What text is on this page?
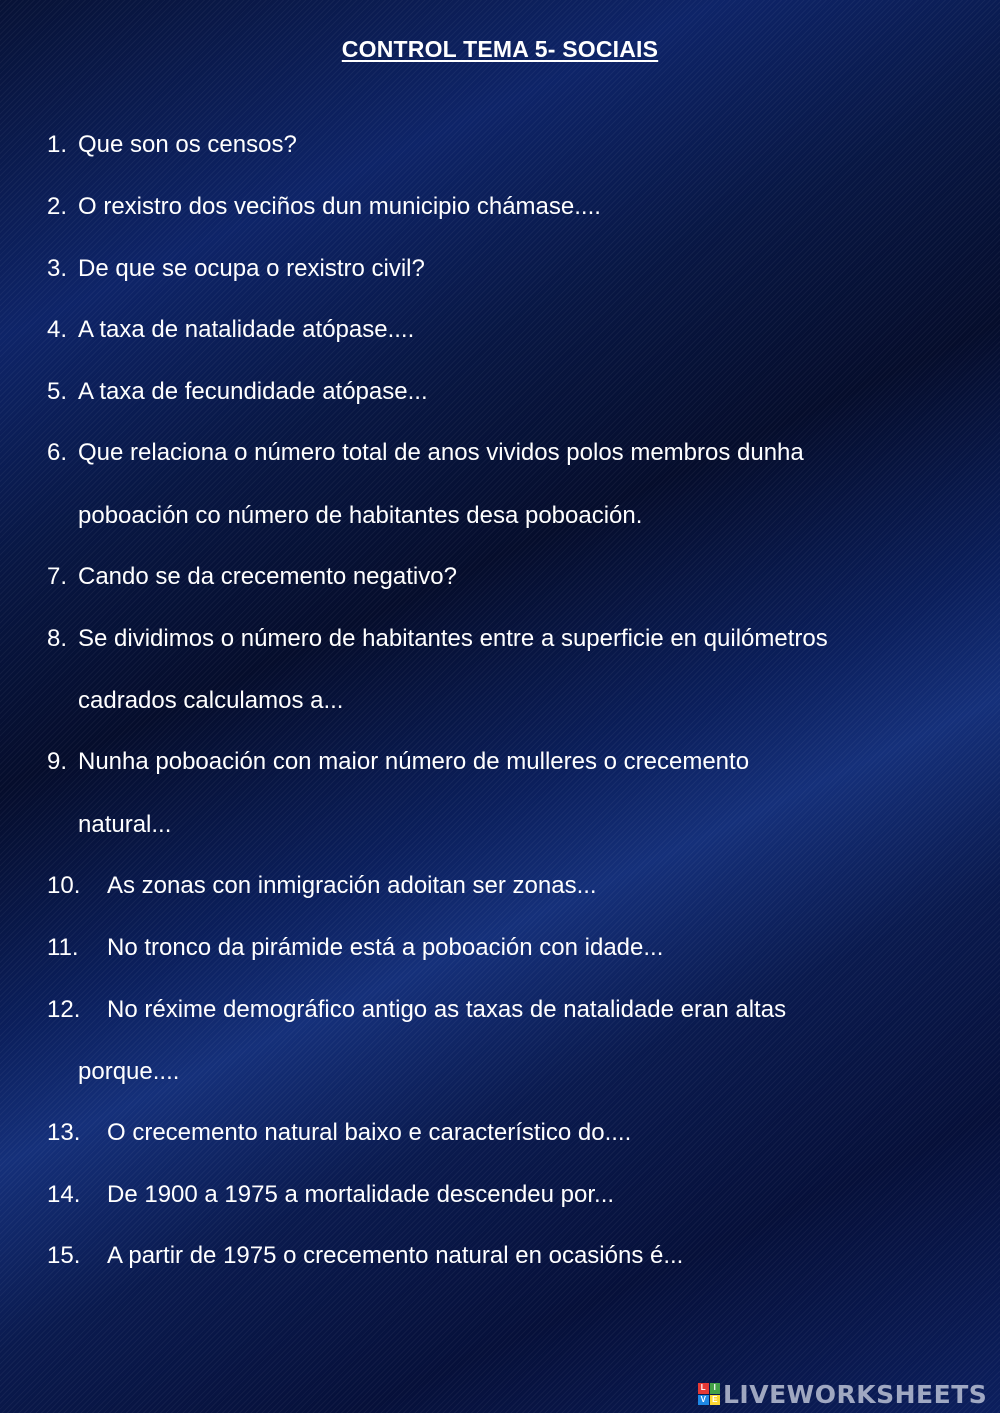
CONTROL TEMA 5- SOCIAIS
1. Que son os censos?
2. O rexistro dos veciños dun municipio chámase....
3. De que se ocupa o rexistro civil?
4. A taxa de natalidade atópase....
5. A taxa de fecundidade atópase...
6. Que relaciona o número total de anos vividos polos membros dunha
poboación co número de habitantes desa poboación.
7. Cando se da crecemento negativo?
8. Se dividimos o número de habitantes entre a superficie en quilómetros
cadrados calculamos a...
9. Nunha poboación con maior número de mulleres o crecemento
natural...
10. As zonas con inmigración adoitan ser zonas...
11. No tronco da pirámide está a poboación con idade...
12. No réxime demográfico antigo as taxas de natalidade eran altas
porque....
13. O crecemento natural baixo e característico do....
14. De 1900 a 1975 a mortalidade descendeu por...
15. A partir de 1975 o crecemento natural en ocasións é...
L I
V E LIVEWORKSHEETS
